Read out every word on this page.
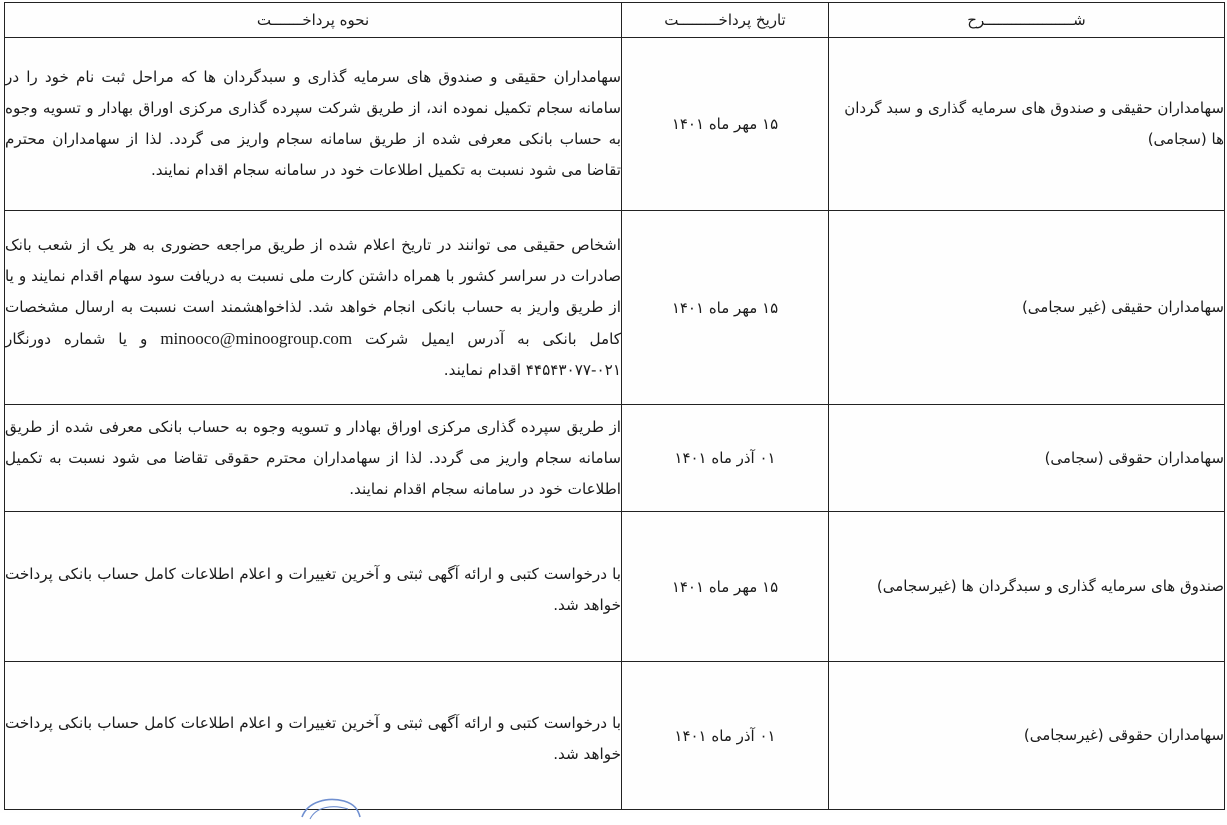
شــــــــــــــــــــرح	تاریخ پرداخـــــــــت	نحوه پرداخـــــــت
سهامداران حقیقی و صندوق های سرمایه گذاری و سبد گردان ها (سجامی)	۱۵ مهر ماه ۱۴۰۱	سهامداران حقیقی و صندوق های سرمایه گذاری و سبدگردان ها که مراحل ثبت نام خود را در سامانه سجام تکمیل نموده اند، از طریق شرکت سپرده گذاری مرکزی اوراق بهادار و تسویه وجوه به حساب بانکی معرفی شده از طریق سامانه سجام واریز می گردد. لذا از سهامداران محترم تقاضا می شود نسبت به تکمیل اطلاعات خود در سامانه سجام اقدام نمایند.
سهامداران حقیقی (غیر سجامی)	۱۵ مهر ماه ۱۴۰۱	اشخاص حقیقی می توانند در تاریخ اعلام شده از طریق مراجعه حضوری به هر یک از شعب بانک صادرات در سراسر کشور با همراه داشتن کارت ملی نسبت به دریافت سود سهام اقدام نمایند و یا از طریق واریز به حساب بانکی انجام خواهد شد. لذاخواهشمند است نسبت به ارسال مشخصات کامل بانکی به آدرس ایمیل شرکت minooco@minoogroup.com و یا شماره دورنگار ۰۲۱-۴۴۵۴۳۰۷۷ اقدام نمایند.
سهامداران حقوقی (سجامی)	۰۱ آذر ماه ۱۴۰۱	از طریق سپرده گذاری مرکزی اوراق بهادار و تسویه وجوه به حساب بانکی معرفی شده از طریق سامانه سجام واریز می گردد. لذا از سهامداران محترم حقوقی تقاضا می شود نسبت به تکمیل اطلاعات خود در سامانه سجام اقدام نمایند.
صندوق های سرمایه گذاری و سبدگردان ها (غیرسجامی)	۱۵ مهر ماه ۱۴۰۱	با درخواست کتبی و ارائه آگهی ثبتی و آخرین تغییرات و اعلام اطلاعات کامل حساب بانکی پرداخت خواهد شد.
سهامداران حقوقی (غیرسجامی)	۰۱ آذر ماه ۱۴۰۱	با درخواست کتبی و ارائه آگهی ثبتی و آخرین تغییرات و اعلام اطلاعات کامل حساب بانکی پرداخت خواهد شد.
